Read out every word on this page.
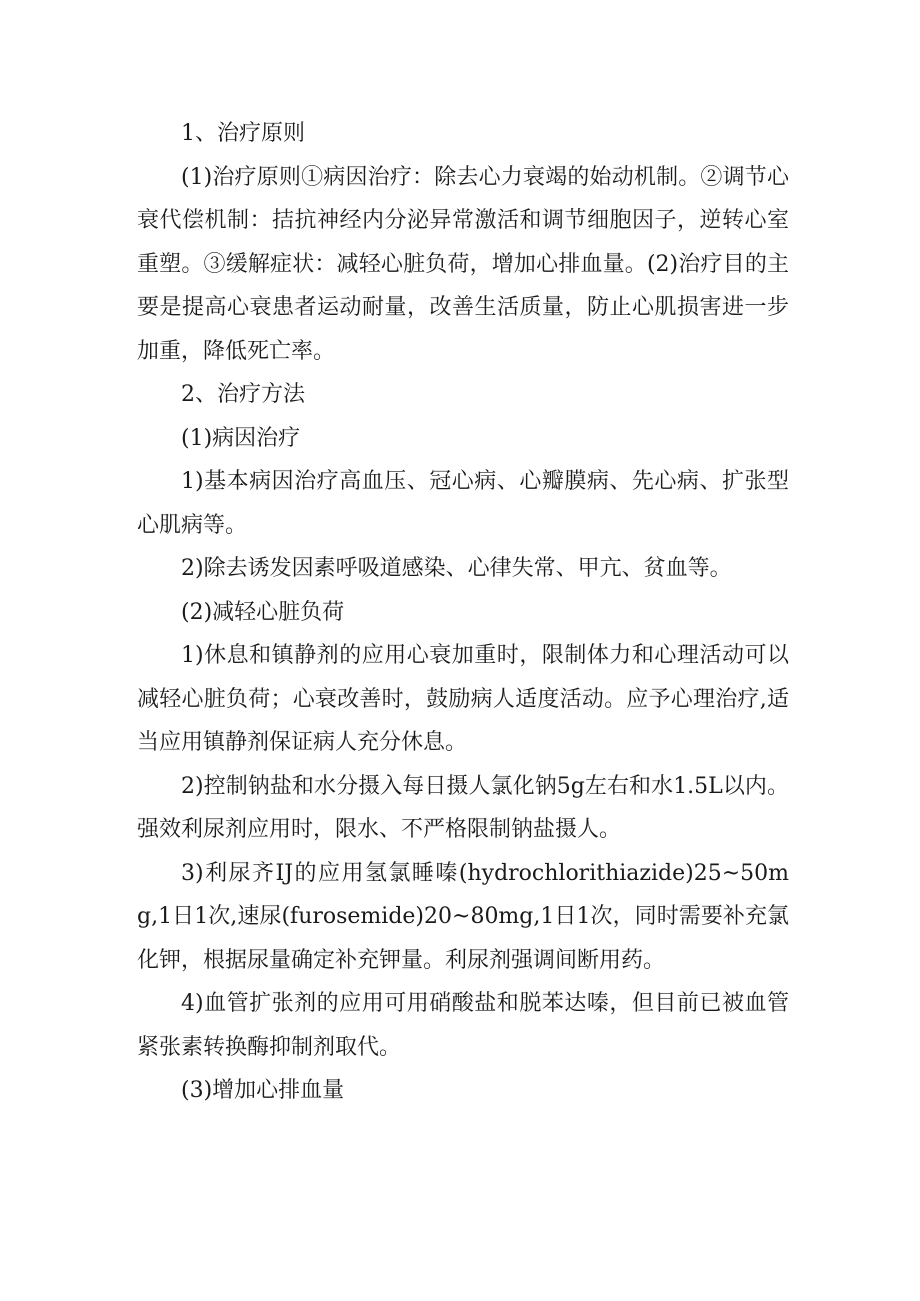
1、治疗原则

(1)治疗原则①病因治疗：除去心力衰竭的始动机制。②调节心衰代偿机制：拮抗神经内分泌异常激活和调节细胞因子，逆转心室重塑。③缓解症状：减轻心脏负荷，增加心排血量。(2)治疗目的主要是提高心衰患者运动耐量，改善生活质量，防止心肌损害进一步加重，降低死亡率。

2、治疗方法

(1)病因治疗

1)基本病因治疗高血压、冠心病、心瓣膜病、先心病、扩张型心肌病等。

2)除去诱发因素呼吸道感染、心律失常、甲亢、贫血等。

(2)减轻心脏负荷

1)休息和镇静剂的应用心衰加重时，限制体力和心理活动可以减轻心脏负荷；心衰改善时，鼓励病人适度活动。应予心理治疗,适当应用镇静剂保证病人充分休息。

2)控制钠盐和水分摄入每日摄人氯化钠5g左右和水1.5L以内。强效利尿剂应用时，限水、不严格限制钠盐摄人。

3)利尿齐IJ的应用氢氯睡嗪(hydrochlorithiazide)25~50mg,1日1次,速尿(furosemide)20~80mg,1日1次，同时需要补充氯化钾，根据尿量确定补充钾量。利尿剂强调间断用药。

4)血管扩张剂的应用可用硝酸盐和脱苯达嗪，但目前已被血管紧张素转换酶抑制剂取代。

(3)增加心排血量
